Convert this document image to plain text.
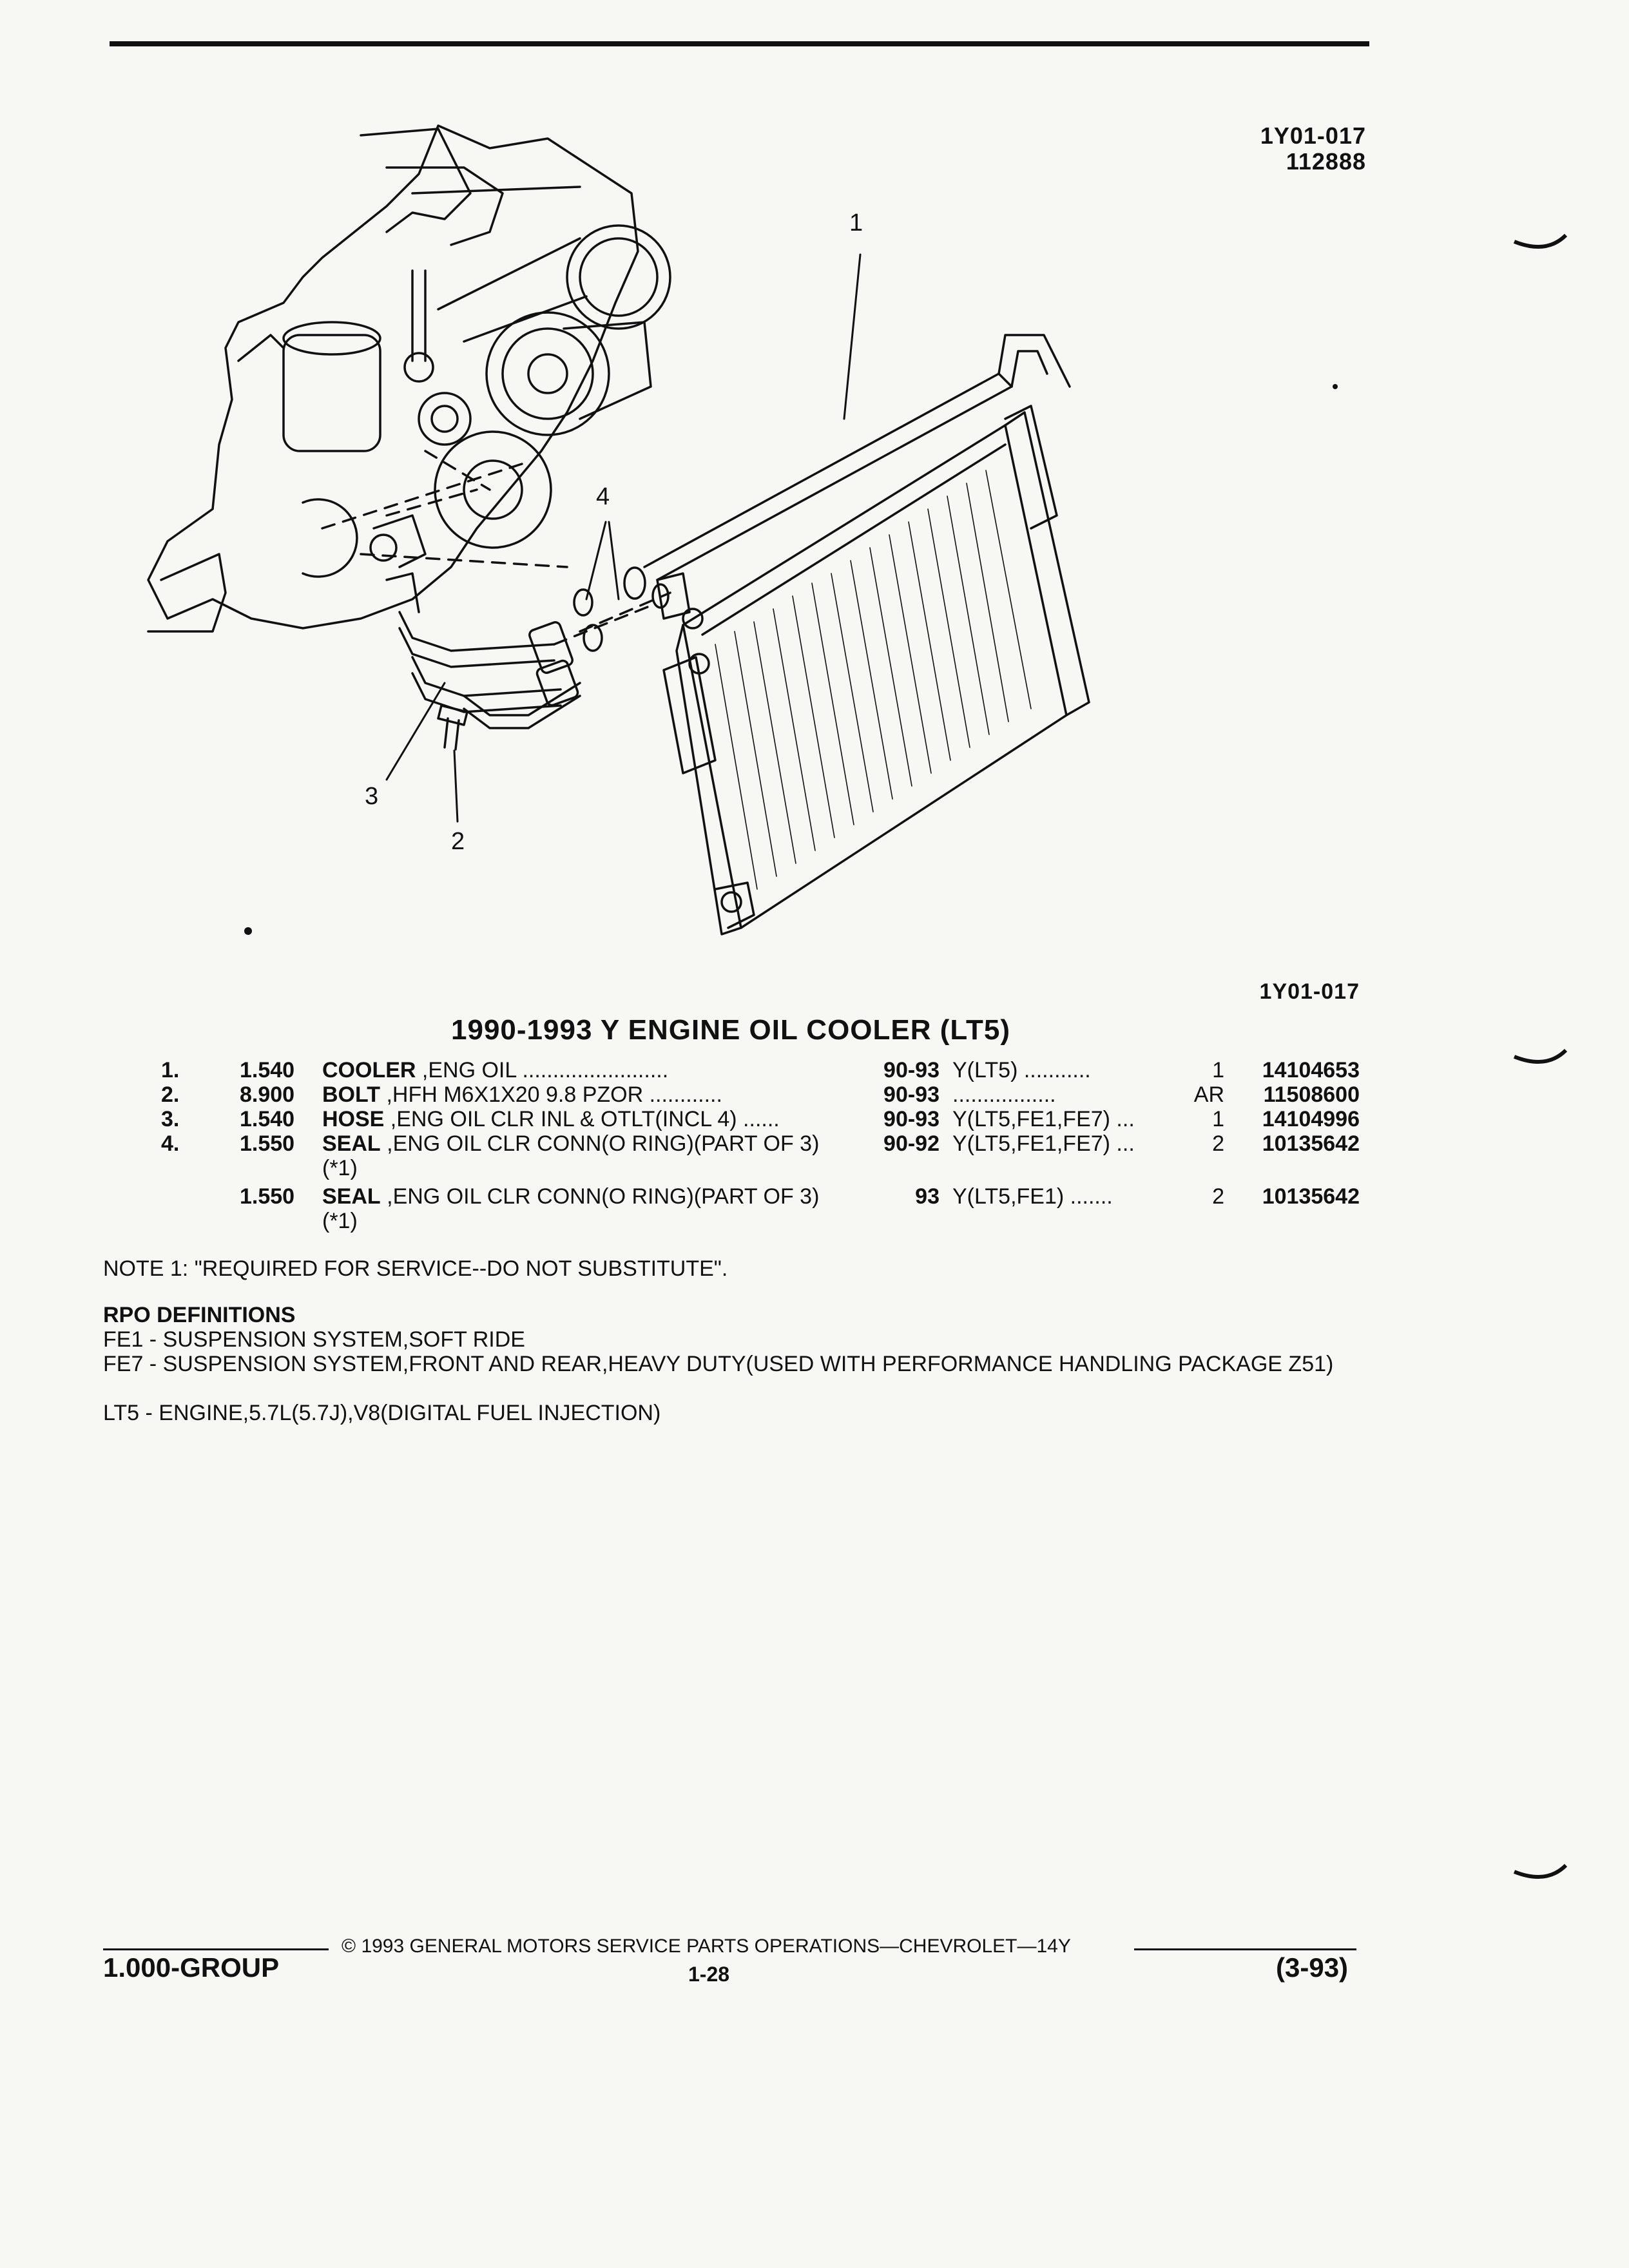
1Y01-017
112888
1
2
3
4
1Y01-017
1990-1993 Y ENGINE OIL COOLER (LT5)
1.	1.540 COOLER ,ENG OIL ........................	90-93 Y(LT5) ...........	1	14104653
2.	8.900 BOLT ,HFH M6X1X20 9.8 PZOR ............	90-93 .................	AR	11508600
3.	1.540 HOSE ,ENG OIL CLR INL & OTLT(INCL 4) ......	90-93 Y(LT5,FE1,FE7) ...	1	14104996
4.	1.550 SEAL ,ENG OIL CLR CONN(O RING)(PART OF 3)	90-92 Y(LT5,FE1,FE7) ...	2	10135642
(*1)
1.550 SEAL ,ENG OIL CLR CONN(O RING)(PART OF 3)	93 Y(LT5,FE1) .......	2	10135642
(*1)
NOTE 1: "REQUIRED FOR SERVICE--DO NOT SUBSTITUTE".
RPO DEFINITIONS
FE1 - SUSPENSION SYSTEM,SOFT RIDE
FE7 - SUSPENSION SYSTEM,FRONT AND REAR,HEAVY DUTY(USED WITH PERFORMANCE HANDLING PACKAGE Z51)
LT5 - ENGINE,5.7L(5.7J),V8(DIGITAL FUEL INJECTION)
© 1993 GENERAL MOTORS SERVICE PARTS OPERATIONS—CHEVROLET—14Y
1.000-GROUP	1-28	(3-93)
